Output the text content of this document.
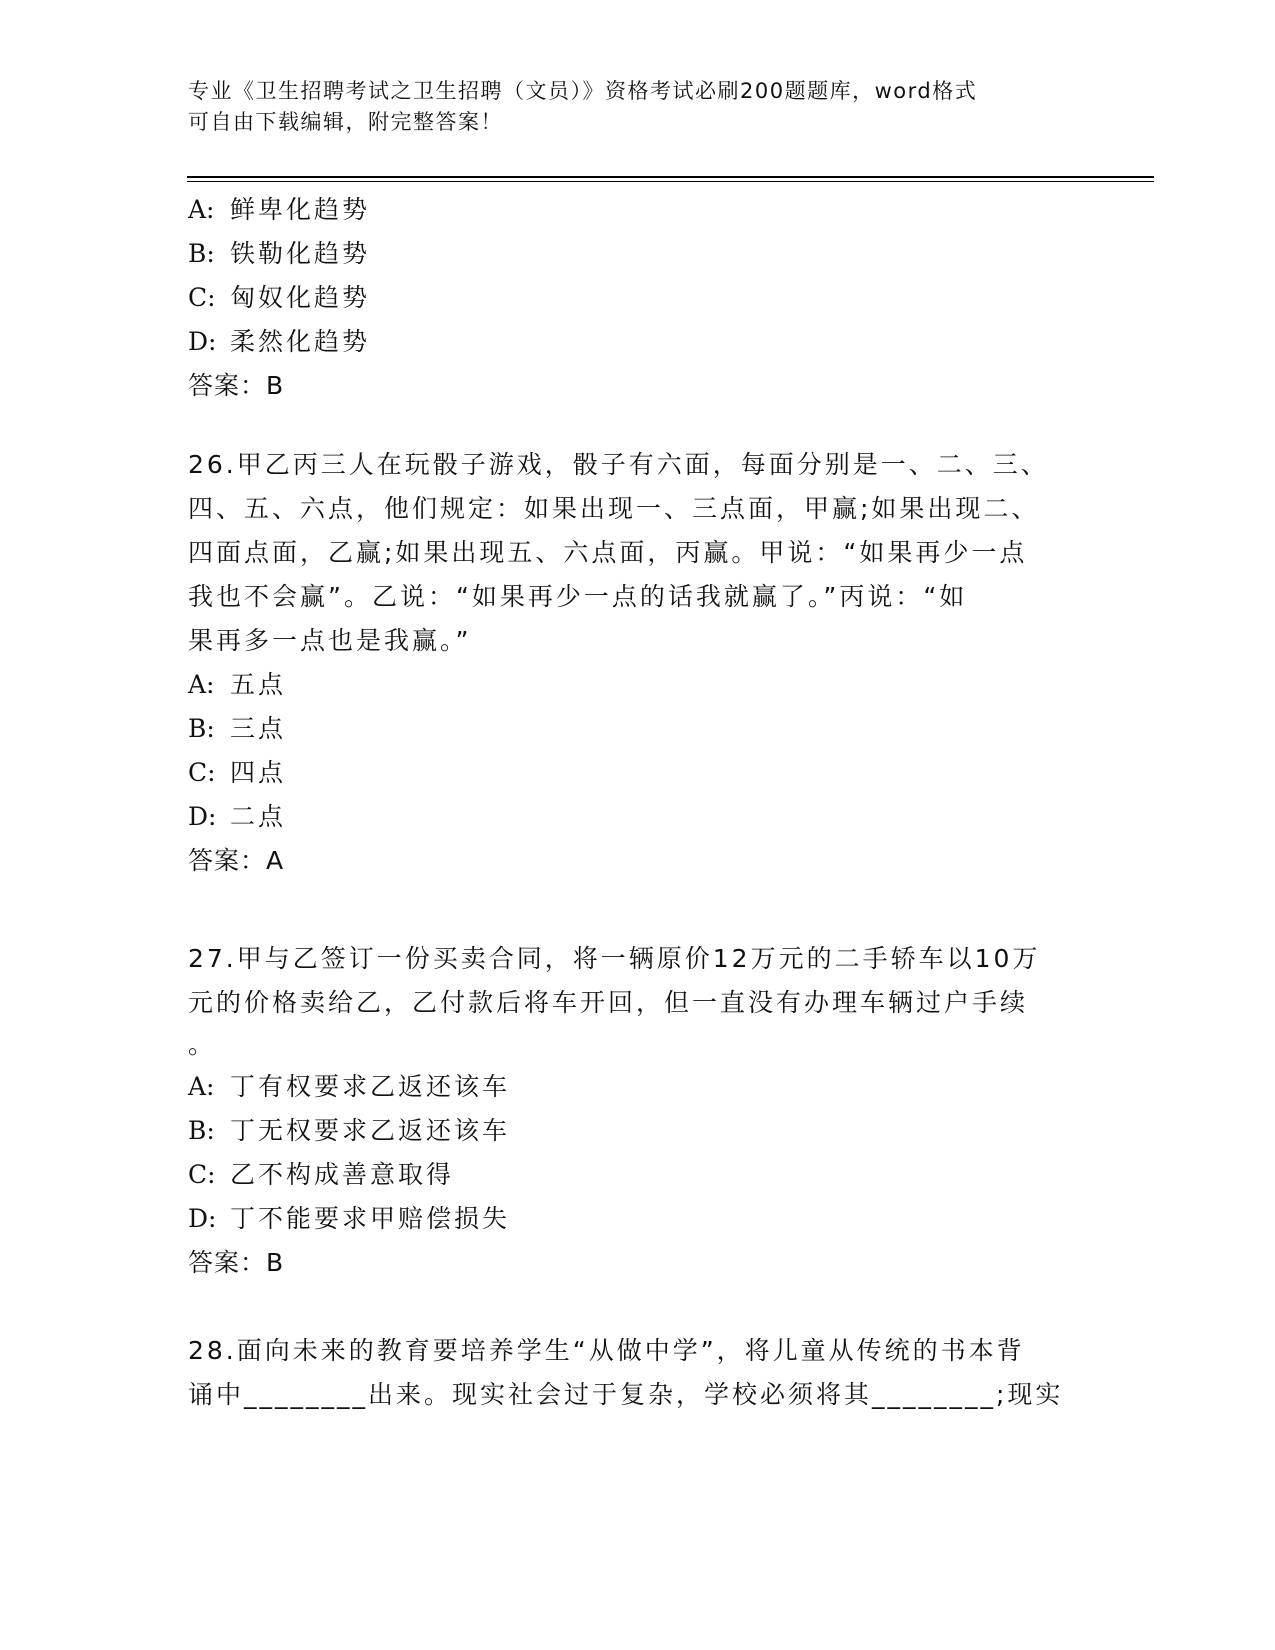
专业《卫生招聘考试之卫生招聘（文员）》资格考试必刷200题题库，word格式
可自由下载编辑，附完整答案！
A: 鲜卑化趋势
B: 铁勒化趋势
C: 匈奴化趋势
D: 柔然化趋势
答案：B
26.甲乙丙三人在玩骰子游戏，骰子有六面，每面分别是一、二、三、
四、五、六点，他们规定：如果出现一、三点面，甲赢;如果出现二、
四面点面，乙赢;如果出现五、六点面，丙赢。甲说：“如果再少一点
我也不会赢”。乙说：“如果再少一点的话我就赢了。”丙说：“如
果再多一点也是我赢。”
A: 五点
B: 三点
C: 四点
D: 二点
答案：A
27.甲与乙签订一份买卖合同，将一辆原价12万元的二手轿车以10万
元的价格卖给乙，乙付款后将车开回，但一直没有办理车辆过户手续
。
A: 丁有权要求乙返还该车
B: 丁无权要求乙返还该车
C: 乙不构成善意取得
D: 丁不能要求甲赔偿损失
答案：B
28.面向未来的教育要培养学生“从做中学”，将儿童从传统的书本背
诵中________出来。现实社会过于复杂，学校必须将其________;现实
